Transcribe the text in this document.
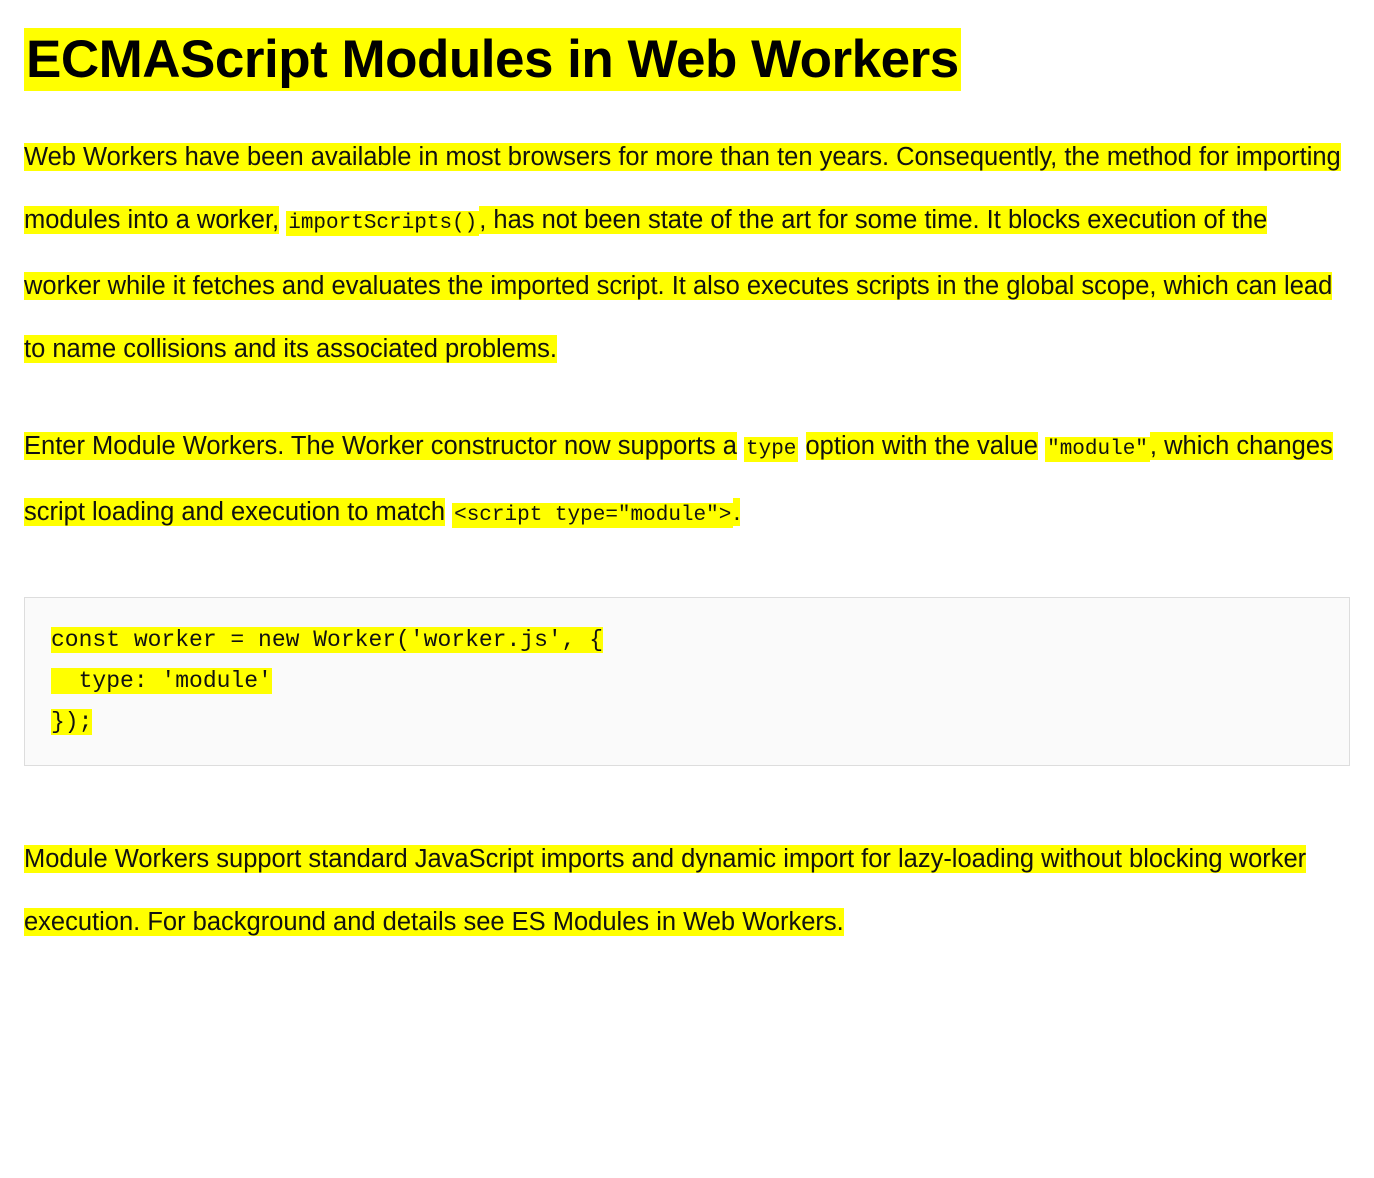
ECMAScript Modules in Web Workers

Web Workers have been available in most browsers for more than ten years. Consequently, the method for importing modules into a worker, importScripts(), has not been state of the art for some time. It blocks execution of the worker while it fetches and evaluates the imported script. It also executes scripts in the global scope, which can lead to name collisions and its associated problems.

Enter Module Workers. The Worker constructor now supports a type option with the value "module", which changes script loading and execution to match <script type="module">.

const worker = new Worker('worker.js', {
type: 'module'
});

Module Workers support standard JavaScript imports and dynamic import for lazy-loading without blocking worker execution. For background and details see ES Modules in Web Workers.
